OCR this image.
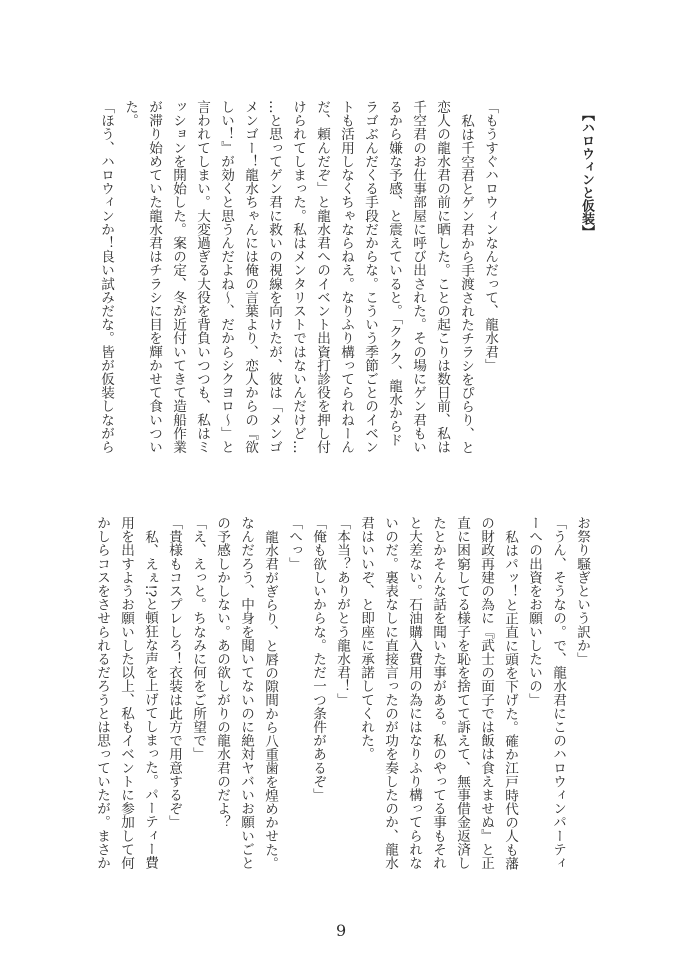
【ハロウィンと仮装】
「もうすぐハロウィンなんだって、龍水君」
私は千空君とゲン君から手渡されたチラシをぴらり、と
恋人の龍水君の前に晒した。ことの起こりは数日前、私は
千空君のお仕事部屋に呼び出された。その場にゲン君もい
るから嫌な予感、と震えていると。「ククク、龍水からド
ラゴぶんだくる手段だからな。こういう季節ごとのイベン
トも活用しなくちゃならねえ。なりふり構ってられねーん
だ、頼んだぞ」と龍水君へのイベント出資打診役を押し付
けられてしまった。私はメンタリストではないんだけど…
…と思ってゲン君に救いの視線を向けたが、彼は「メンゴ
メンゴー！龍水ちゃんには俺の言葉より、恋人からの『欲
しい！』が効くと思うんだよね～、だからシクヨロ～」と
言われてしまい。大変過ぎる大役を背負いつつも、私はミ
ッションを開始した。案の定、冬が近付いてきて造船作業
が滞り始めていた龍水君はチラシに目を輝かせて食いつい
た。
「ほう、ハロウィンか！良い試みだな。皆が仮装しながら
お祭り騒ぎという訳か」
「うん、そうなの。で、龍水君にこのハロウィンパーティ
ーへの出資をお願いしたいの」
私はパッ！と正直に頭を下げた。確か江戸時代の人も藩
の財政再建の為に『武士の面子では飯は食えませぬ』と正
直に困窮してる様子を恥を捨てて訴えて、無事借金返済し
たとかそんな話を聞いた事がある。私のやってる事もそれ
と大差ない。石油購入費用の為にはなりふり構ってられな
いのだ。裏表なしに直接言ったのが功を奏したのか、龍水
君はいいぞ、と即座に承諾してくれた。
「本当？ありがとう龍水君！」
「俺も欲しいからな。ただ一つ条件があるぞ」
「へっ」
龍水君がぎらり、と唇の隙間から八重歯を煌めかせた。
なんだろう、中身を聞いてないのに絶対ヤバいお願いごと
の予感しかしない。あの欲しがりの龍水君のだよ？
「え、えっと。ちなみに何をご所望で」
「貴様もコスプレしろ！衣装は此方で用意するぞ」
私、えぇ!?と頓狂な声を上げてしまった。パーティー費
用を出すようお願いした以上、私もイベントに参加して何
かしらコスをさせられるだろうとは思っていたが。まさか
9
